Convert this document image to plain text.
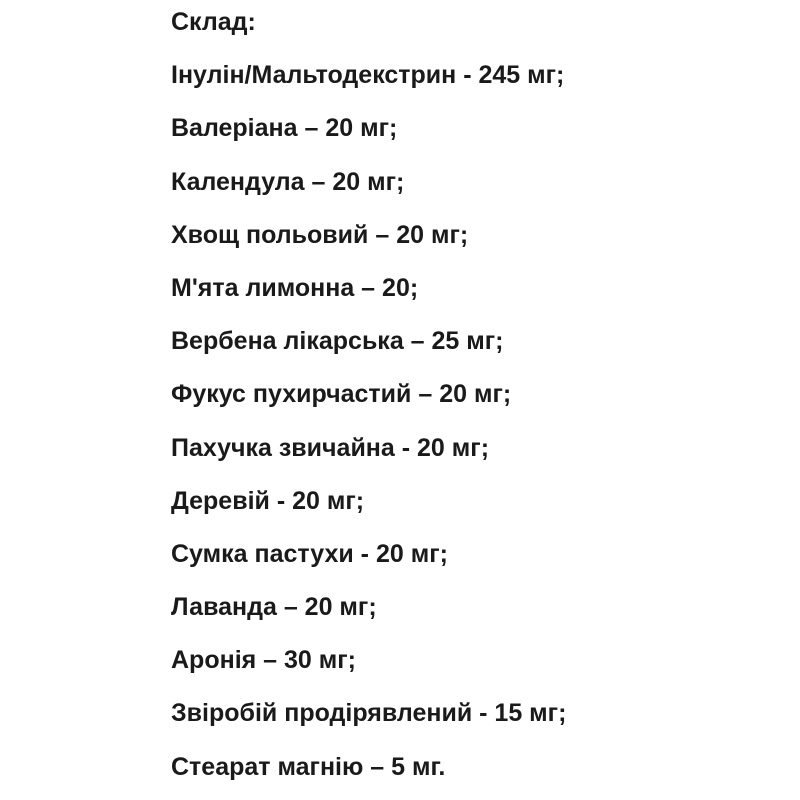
Склад:
Інулін/Мальтодекстрин - 245 мг;
Валеріана – 20 мг;
Календула – 20 мг;
Хвощ польовий – 20 мг;
М'ята лимонна – 20;
Вербена лікарська – 25 мг;
Фукус пухирчастий – 20 мг;
Пахучка звичайна - 20 мг;
Деревій - 20 мг;
Сумка пастухи - 20 мг;
Лаванда – 20 мг;
Аронія – 30 мг;
Звіробій продірявлений - 15 мг;
Стеарат магнію – 5 мг.
